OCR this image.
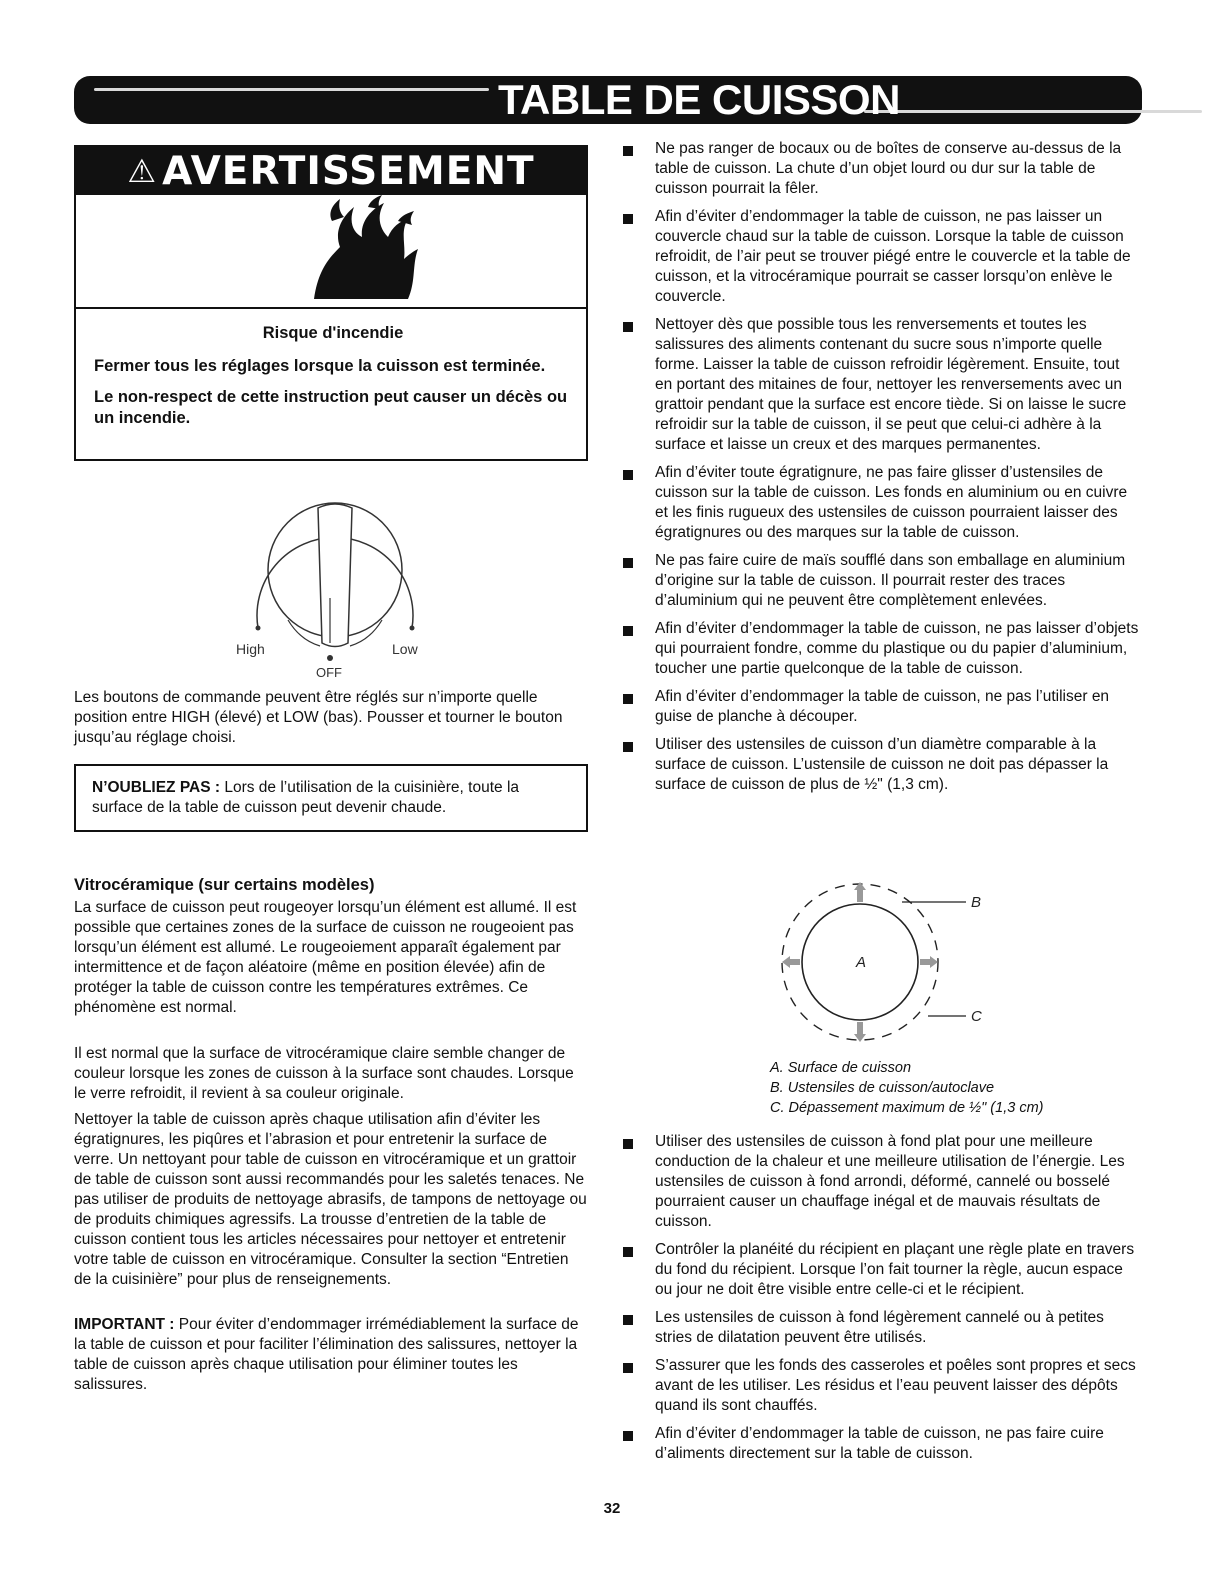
TABLE DE CUISSON
⚠ AVERTISSEMENT
Risque d'incendie

Fermer tous les réglages lorsque la cuisson est terminée.

Le non-respect de cette instruction peut causer un décès ou un incendie.

High	Low
OFF

Les boutons de commande peuvent être réglés sur n’importe quelle position entre HIGH (élevé) et LOW (bas). Pousser et tourner le bouton jusqu’au réglage choisi.

N’OUBLIEZ PAS : Lors de l’utilisation de la cuisinière, toute la surface de la table de cuisson peut devenir chaude.
Vitrocéramique (sur certains modèles)

La surface de cuisson peut rougeoyer lorsqu’un élément est allumé. Il est possible que certaines zones de la surface de cuisson ne rougeoient pas lorsqu’un élément est allumé. Le rougeoiement apparaît également par intermittence et de façon aléatoire (même en position élevée) afin de protéger la table de cuisson contre les températures extrêmes. Ce phénomène est normal.

Il est normal que la surface de vitrocéramique claire semble changer de couleur lorsque les zones de cuisson à la surface sont chaudes. Lorsque le verre refroidit, il revient à sa couleur originale.

Nettoyer la table de cuisson après chaque utilisation afin d’éviter les égratignures, les piqûres et l’abrasion et pour entretenir la surface de verre. Un nettoyant pour table de cuisson en vitrocéramique et un grattoir de table de cuisson sont aussi recommandés pour les saletés tenaces. Ne pas utiliser de produits de nettoyage abrasifs, de tampons de nettoyage ou de produits chimiques agressifs. La trousse d’entretien de la table de cuisson contient tous les articles nécessaires pour nettoyer et entretenir votre table de cuisson en vitrocéramique. Consulter la section “Entretien de la cuisinière” pour plus de renseignements.

IMPORTANT : Pour éviter d’endommager irrémédiablement la surface de la table de cuisson et pour faciliter l’élimination des salissures, nettoyer la table de cuisson après chaque utilisation pour éliminer toutes les salissures.

Ne pas ranger de bocaux ou de boîtes de conserve au-dessus de la table de cuisson. La chute d’un objet lourd ou dur sur la table de cuisson pourrait la fêler.
Afin d’éviter d’endommager la table de cuisson, ne pas laisser un couvercle chaud sur la table de cuisson. Lorsque la table de cuisson refroidit, de l’air peut se trouver piégé entre le couvercle et la table de cuisson, et la vitrocéramique pourrait se casser lorsqu’on enlève le couvercle.
Nettoyer dès que possible tous les renversements et toutes les salissures des aliments contenant du sucre sous n’importe quelle forme. Laisser la table de cuisson refroidir légèrement. Ensuite, tout en portant des mitaines de four, nettoyer les renversements avec un grattoir pendant que la surface est encore tiède. Si on laisse le sucre refroidir sur la table de cuisson, il se peut que celui-ci adhère à la surface et laisse un creux et des marques permanentes.
Afin d’éviter toute égratignure, ne pas faire glisser d’ustensiles de cuisson sur la table de cuisson. Les fonds en aluminium ou en cuivre et les finis rugueux des ustensiles de cuisson pourraient laisser des égratignures ou des marques sur la table de cuisson.
Ne pas faire cuire de maïs soufflé dans son emballage en aluminium d’origine sur la table de cuisson. Il pourrait rester des traces d’aluminium qui ne peuvent être complètement enlevées.
Afin d’éviter d’endommager la table de cuisson, ne pas laisser d’objets qui pourraient fondre, comme du plastique ou du papier d’aluminium, toucher une partie quelconque de la table de cuisson.
Afin d’éviter d’endommager la table de cuisson, ne pas l’utiliser en guise de planche à découper.
Utiliser des ustensiles de cuisson d’un diamètre comparable à la surface de cuisson. L’ustensile de cuisson ne doit pas dépasser la surface de cuisson de plus de ½" (1,3 cm).
A
B
C
A. Surface de cuisson
B. Ustensiles de cuisson/autoclave
C. Dépassement maximum de ½" (1,3 cm)
Utiliser des ustensiles de cuisson à fond plat pour une meilleure conduction de la chaleur et une meilleure utilisation de l’énergie. Les ustensiles de cuisson à fond arrondi, déformé, cannelé ou bosselé pourraient causer un chauffage inégal et de mauvais résultats de cuisson.
Contrôler la planéité du récipient en plaçant une règle plate en travers du fond du récipient. Lorsque l’on fait tourner la règle, aucun espace ou jour ne doit être visible entre celle-ci et le récipient.
Les ustensiles de cuisson à fond légèrement cannelé ou à petites stries de dilatation peuvent être utilisés.
S’assurer que les fonds des casseroles et poêles sont propres et secs avant de les utiliser. Les résidus et l’eau peuvent laisser des dépôts quand ils sont chauffés.
Afin d’éviter d’endommager la table de cuisson, ne pas faire cuire d’aliments directement sur la table de cuisson.
32
